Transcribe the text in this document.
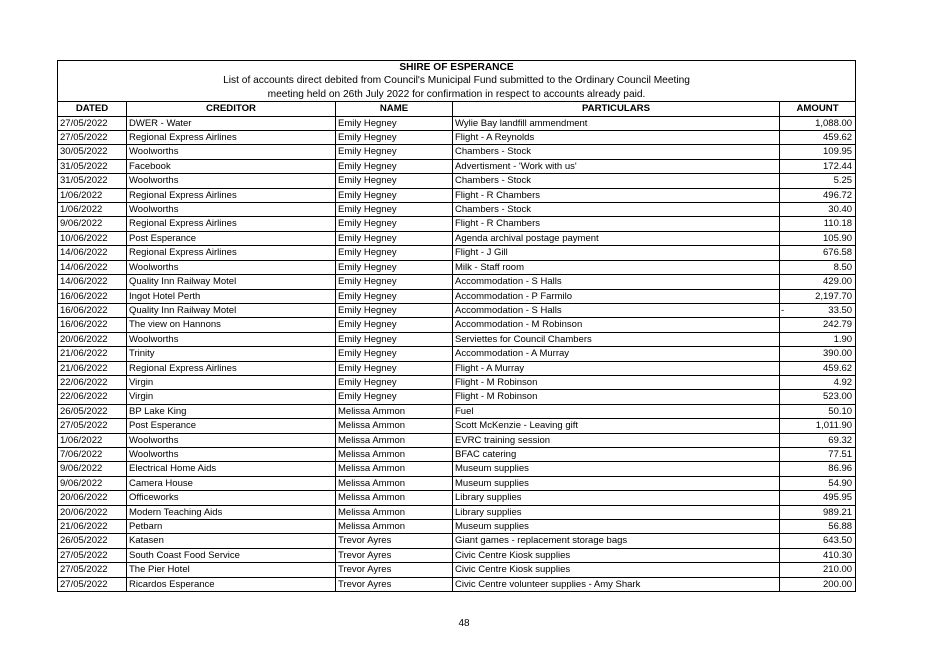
SHIRE OF ESPERANCE				
List of accounts direct debited from Council's Municipal Fund submitted to the Ordinary Council Meeting				
meeting held on 26th July 2022 for confirmation in respect to accounts already paid.				
DATED	CREDITOR	NAME	PARTICULARS	AMOUNT
27/05/2022	DWER - Water	Emily Hegney	Wylie Bay landfill ammendment	1,088.00
27/05/2022	Regional Express Airlines	Emily Hegney	Flight - A Reynolds	459.62
30/05/2022	Woolworths	Emily Hegney	Chambers - Stock	109.95
31/05/2022	Facebook	Emily Hegney	Advertisment - 'Work with us'	172.44
31/05/2022	Woolworths	Emily Hegney	Chambers - Stock	5.25
1/06/2022	Regional Express Airlines	Emily Hegney	Flight - R Chambers	496.72
1/06/2022	Woolworths	Emily Hegney	Chambers - Stock	30.40
9/06/2022	Regional Express Airlines	Emily Hegney	Flight - R Chambers	110.18
10/06/2022	Post Esperance	Emily Hegney	Agenda archival postage payment	105.90
14/06/2022	Regional Express Airlines	Emily Hegney	Flight - J Gill	676.58
14/06/2022	Woolworths	Emily Hegney	Milk - Staff room	8.50
14/06/2022	Quality Inn Railway Motel	Emily Hegney	Accommodation - S Halls	429.00
16/06/2022	Ingot Hotel Perth	Emily Hegney	Accommodation - P Farmilo	2,197.70
16/06/2022	Quality Inn Railway Motel	Emily Hegney	Accommodation - S Halls	- 33.50
16/06/2022	The view on Hannons	Emily Hegney	Accommodation - M Robinson	242.79
20/06/2022	Woolworths	Emily Hegney	Serviettes for Council Chambers	1.90
21/06/2022	Trinity	Emily Hegney	Accommodation - A Murray	390.00
21/06/2022	Regional Express Airlines	Emily Hegney	Flight - A Murray	459.62
22/06/2022	Virgin	Emily Hegney	Flight - M Robinson	4.92
22/06/2022	Virgin	Emily Hegney	Flight - M Robinson	523.00
26/05/2022	BP Lake King	Melissa Ammon	Fuel	50.10
27/05/2022	Post Esperance	Melissa Ammon	Scott McKenzie - Leaving gift	1,011.90
1/06/2022	Woolworths	Melissa Ammon	EVRC training session	69.32
7/06/2022	Woolworths	Melissa Ammon	BFAC catering	77.51
9/06/2022	Electrical Home Aids	Melissa Ammon	Museum supplies	86.96
9/06/2022	Camera House	Melissa Ammon	Museum supplies	54.90
20/06/2022	Officeworks	Melissa Ammon	Library supplies	495.95
20/06/2022	Modern Teaching Aids	Melissa Ammon	Library supplies	989.21
21/06/2022	Petbarn	Melissa Ammon	Museum supplies	56.88
26/05/2022	Katasen	Trevor Ayres	Giant games - replacement storage bags	643.50
27/05/2022	South Coast Food Service	Trevor Ayres	Civic Centre Kiosk supplies	410.30
27/05/2022	The Pier Hotel	Trevor Ayres	Civic Centre Kiosk supplies	210.00
27/05/2022	Ricardos Esperance	Trevor Ayres	Civic Centre volunteer supplies - Amy Shark	200.00
48
